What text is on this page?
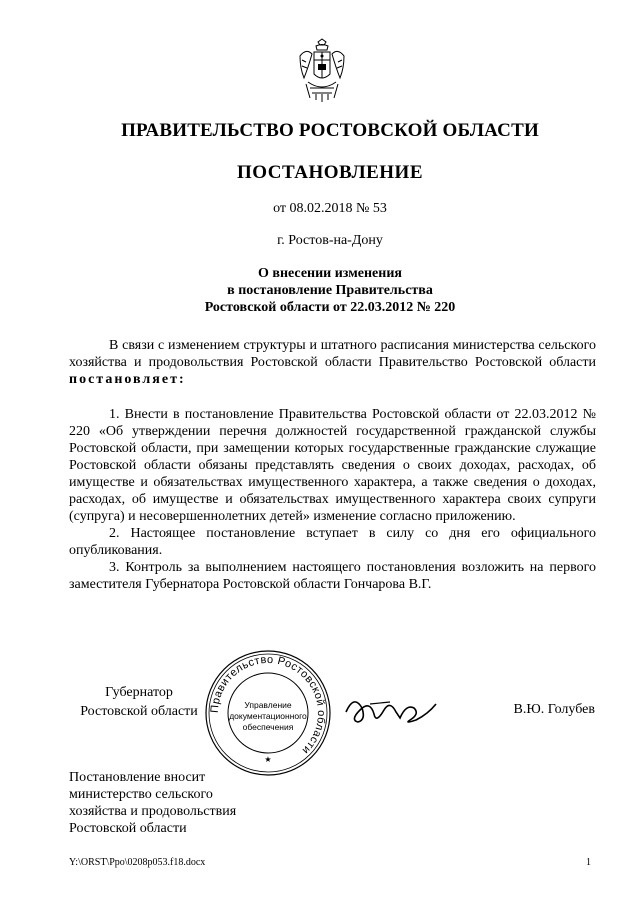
ПРАВИТЕЛЬСТВО РОСТОВСКОЙ ОБЛАСТИ
ПОСТАНОВЛЕНИЕ
от 08.02.2018 № 53
г. Ростов-на-Дону
О внесении изменения
в постановление Правительства
Ростовской области от 22.03.2012 № 220

В связи с изменением структуры и штатного расписания министерства сельского хозяйства и продовольствия Ростовской области Правительство Ростовской области постановляет:

1. Внести в постановление Правительства Ростовской области от 22.03.2012 № 220 «Об утверждении перечня должностей государственной гражданской службы Ростовской области, при замещении которых государственные гражданские служащие Ростовской области обязаны представлять сведения о своих доходах, расходах, об имуществе и обязательствах имущественного характера, а также сведения о доходах, расходах, об имуществе и обязательствах имущественного характера своих супруги (супруга) и несовершеннолетних детей» изменение согласно приложению.

2. Настоящее постановление вступает в силу со дня его официального опубликования.

3. Контроль за выполнением настоящего постановления возложить на первого заместителя Губернатора Ростовской области Гончарова В.Г.

Губернатор
Ростовской области	Правительство Ростовской области
Управление
документационного
обеспечения
★
В.Ю. Голубев
Постановление вносит
министерство сельского
хозяйства и продовольствия
Ростовской области
Y:\ORST\Ppo\0208p053.f18.docx	1
